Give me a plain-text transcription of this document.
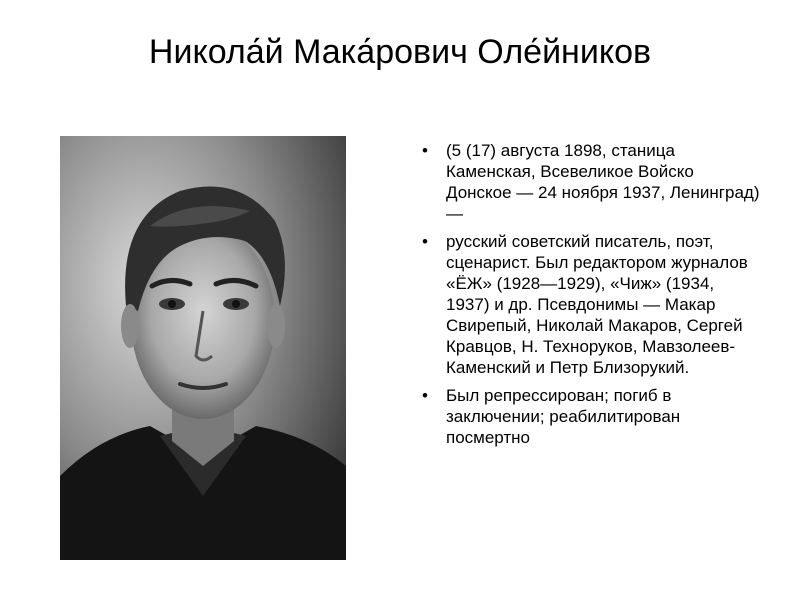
Никола́й Мака́рович Оле́йников
• (5 (17) августа 1898, станица Каменская, Всевеликое Войско Донское — 24 ноября 1937, Ленинград) —
• русский советский писатель, поэт, сценарист. Был редактором журналов «ЁЖ» (1928—1929), «Чиж» (1934, 1937) и др. Псевдонимы — Макар Свирепый, Николай Макаров, Сергей Кравцов, Н. Технoруков, Мавзолеев-Каменский и Петр Близорукий.
• Был репрессирован; погиб в заключении; реабилитирован посмертно
